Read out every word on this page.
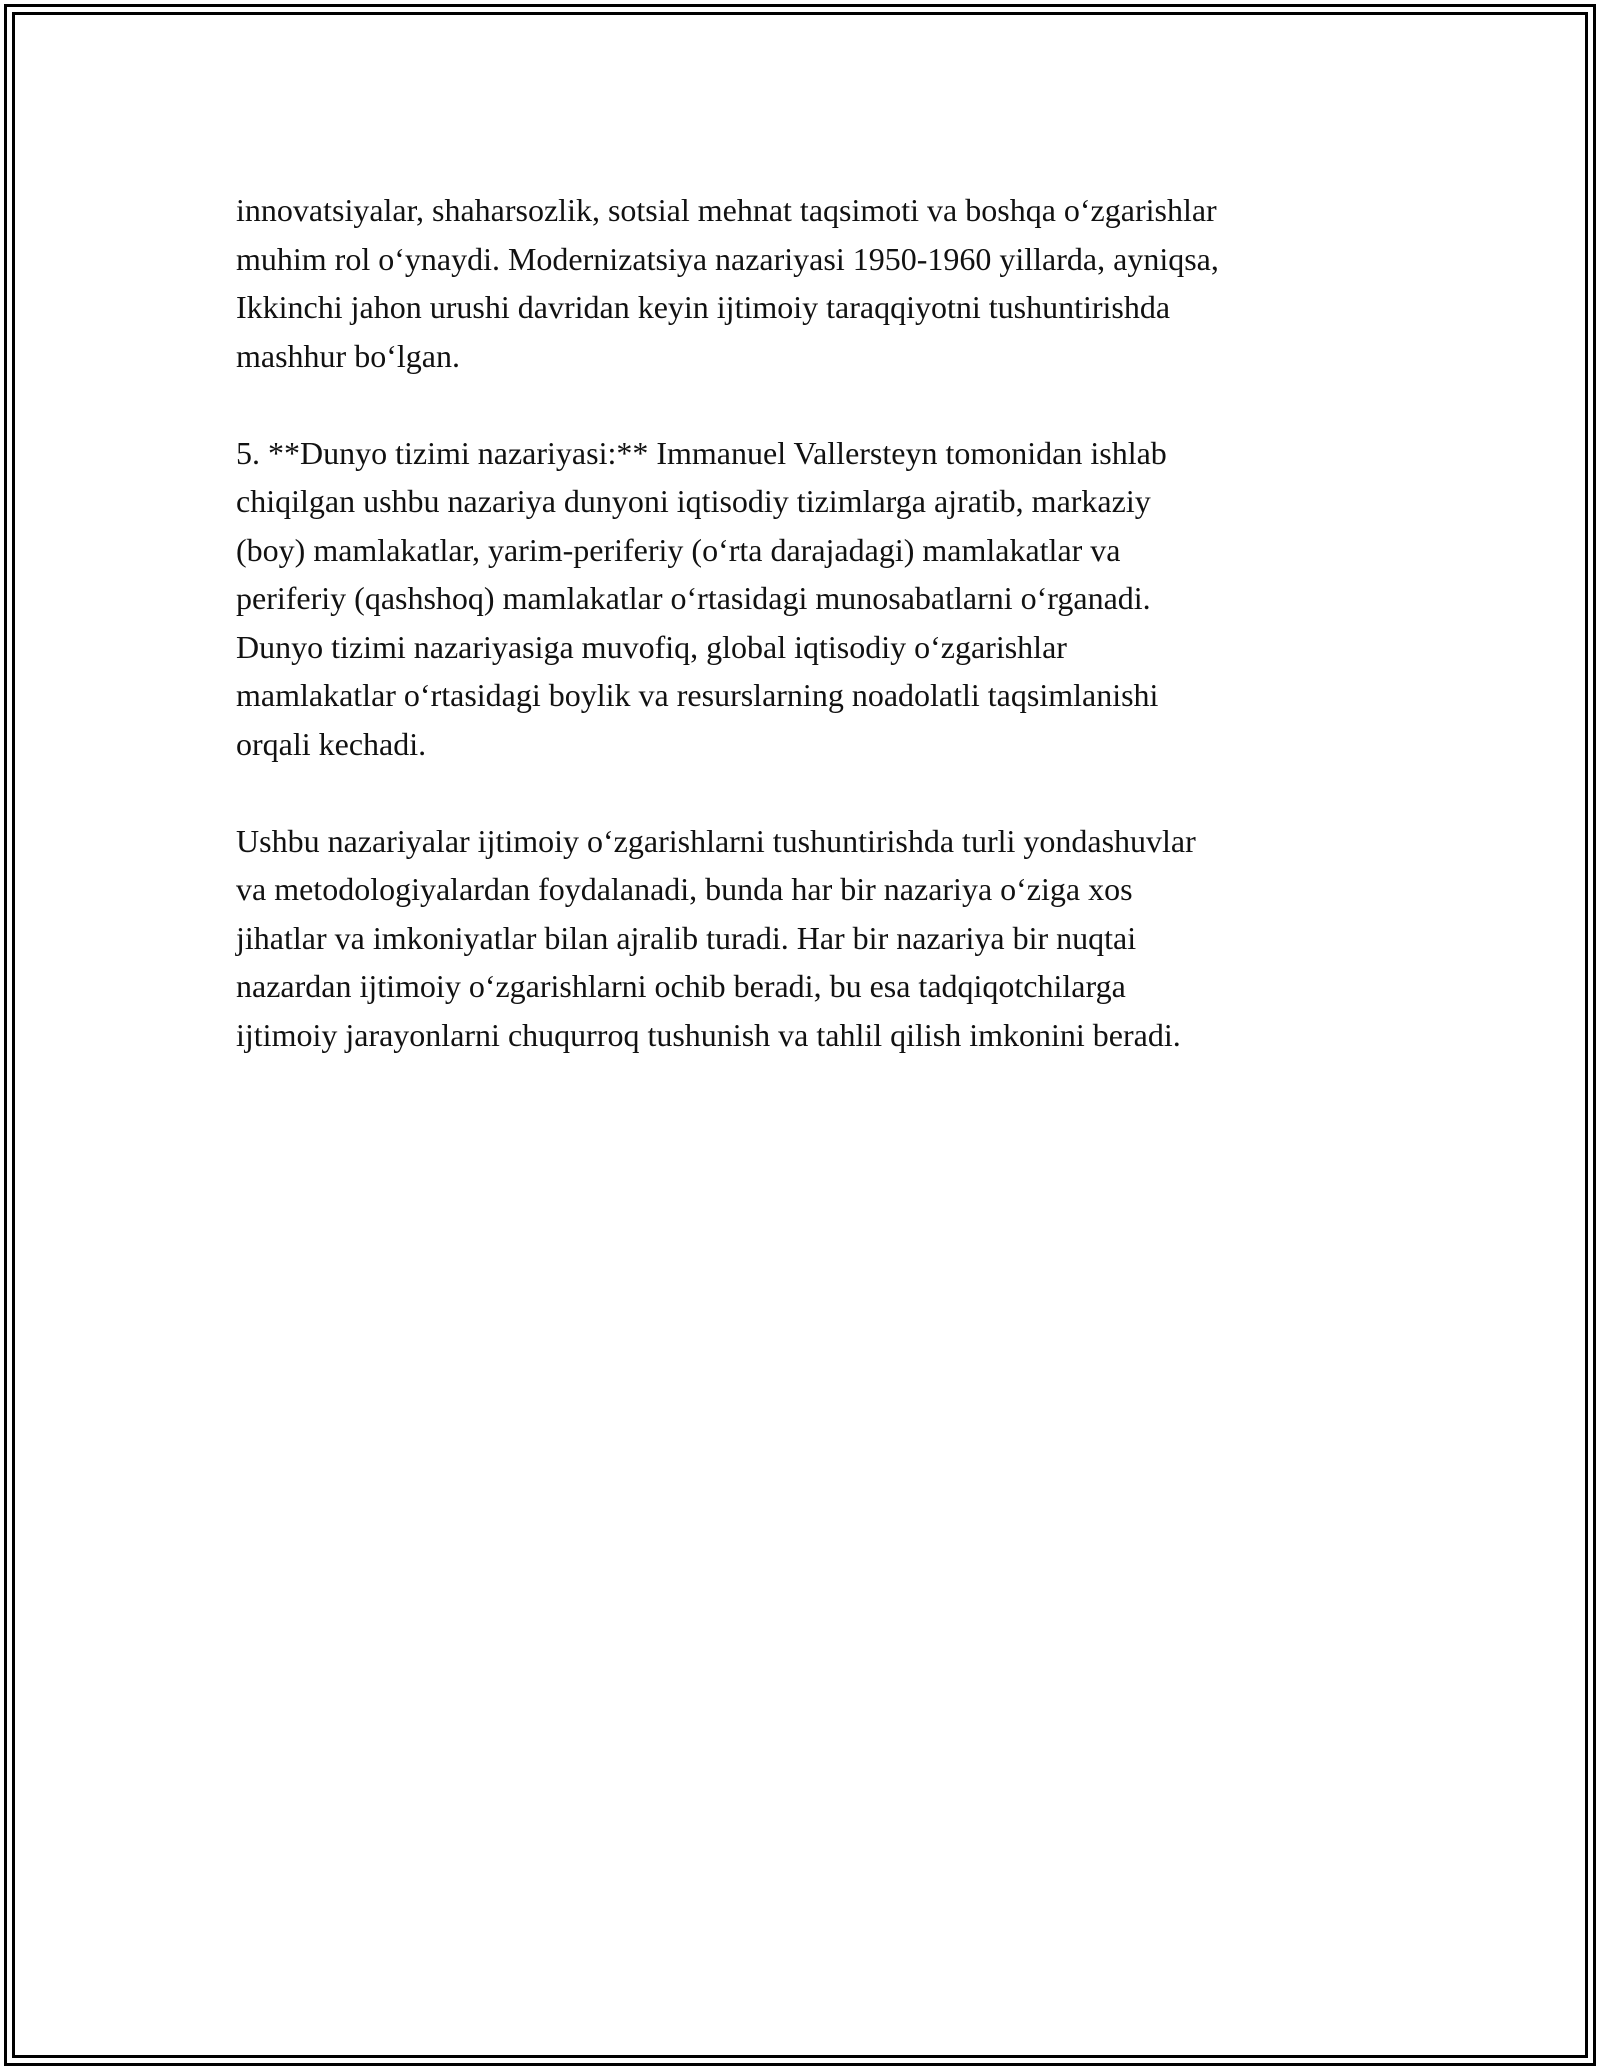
innovatsiyalar, shaharsozlik, sotsial mehnat taqsimoti va boshqa o‘zgarishlar
muhim rol o‘ynaydi. Modernizatsiya nazariyasi 1950-1960 yillarda, ayniqsa,
Ikkinchi jahon urushi davridan keyin ijtimoiy taraqqiyotni tushuntirishda
mashhur bo‘lgan.

5. **Dunyo tizimi nazariyasi:** Immanuel Vallersteyn tomonidan ishlab
chiqilgan ushbu nazariya dunyoni iqtisodiy tizimlarga ajratib, markaziy
(boy) mamlakatlar, yarim-periferiy (o‘rta darajadagi) mamlakatlar va
periferiy (qashshoq) mamlakatlar o‘rtasidagi munosabatlarni o‘rganadi.
Dunyo tizimi nazariyasiga muvofiq, global iqtisodiy o‘zgarishlar
mamlakatlar o‘rtasidagi boylik va resurslarning noadolatli taqsimlanishi
orqali kechadi.

Ushbu nazariyalar ijtimoiy o‘zgarishlarni tushuntirishda turli yondashuvlar
va metodologiyalardan foydalanadi, bunda har bir nazariya o‘ziga xos
jihatlar va imkoniyatlar bilan ajralib turadi. Har bir nazariya bir nuqtai
nazardan ijtimoiy o‘zgarishlarni ochib beradi, bu esa tadqiqotchilarga
ijtimoiy jarayonlarni chuqurroq tushunish va tahlil qilish imkonini beradi.
